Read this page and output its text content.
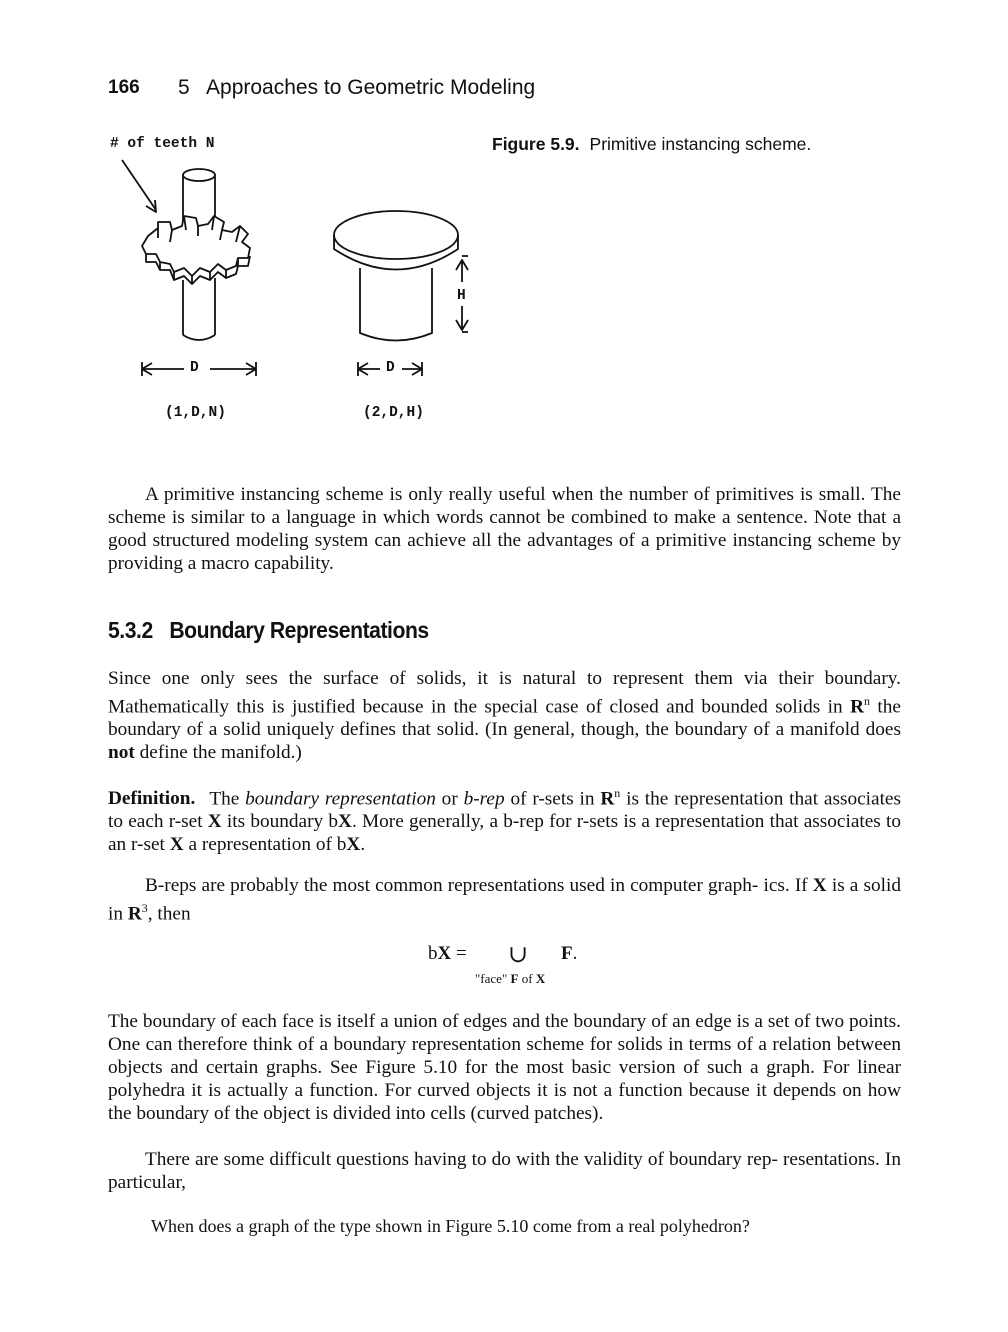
166 5   Approaches to Geometric Modeling
Figure 5.9. Primitive instancing scheme.
# of teeth N
D	D
H
(1,D,N)	(2,D,H)

A primitive instancing scheme is only really useful when the number of primitives is small. The scheme is similar to a language in which words cannot be combined to make a sentence. Note that a good structured modeling system can achieve all the advantages of a primitive instancing scheme by providing a macro capability.

5.3.2 Boundary Representations

Since one only sees the surface of solids, it is natural to represent them via their boundary. Mathematically this is justified because in the special case of closed and bounded solids in $R^n$ the boundary of a solid uniquely defines that solid. (In general, though, the boundary of a manifold does not define the manifold.)

Definition. The boundary representation or b-rep of r-sets in $R^n$ is the representation that associates to each r-set X its boundary bX. More generally, a b-rep for r-sets is a representation that associates to an r-set X a representation of bX.

B-reps are probably the most common representations used in computer graph- ics. If X is a solid in $R^3$, then

bX = ∪ F.
"face" F of X

The boundary of each face is itself a union of edges and the boundary of an edge is a set of two points. One can therefore think of a boundary representation scheme for solids in terms of a relation between objects and certain graphs. See Figure 5.10 for the most basic version of such a graph. For linear polyhedra it is actually a function. For curved objects it is not a function because it depends on how the boundary of the object is divided into cells (curved patches).

There are some difficult questions having to do with the validity of boundary rep- resentations. In particular,

When does a graph of the type shown in Figure 5.10 come from a real polyhedron?
